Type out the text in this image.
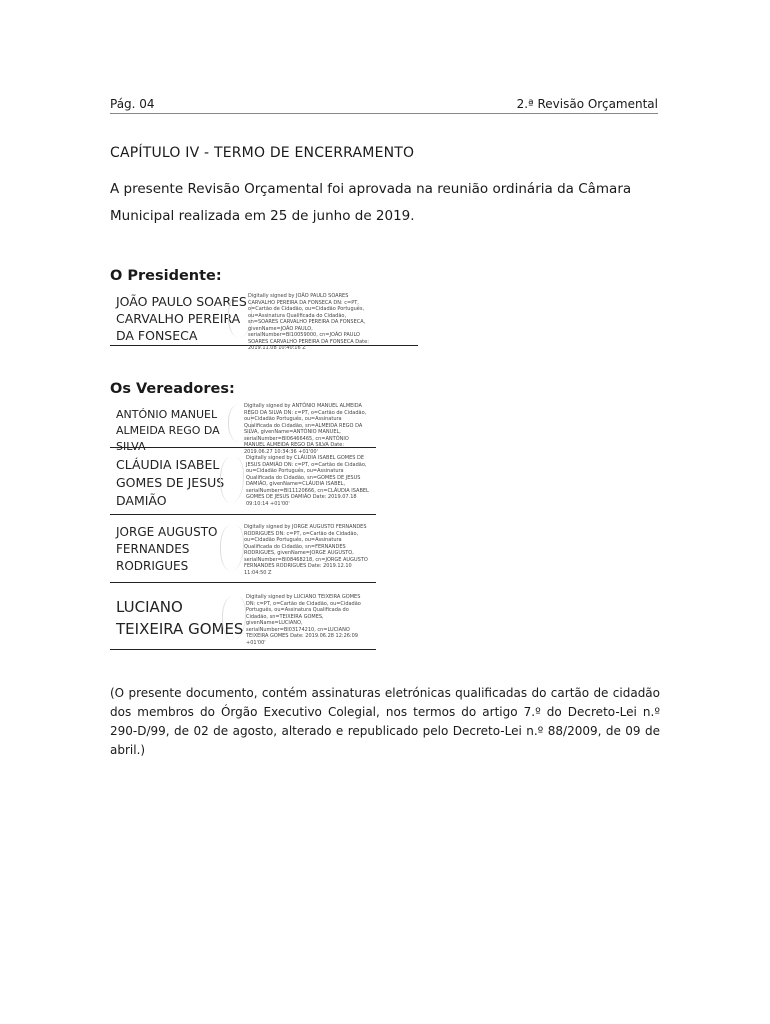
Pág. 04	2.ª Revisão Orçamental
CAPÍTULO IV - TERMO DE ENCERRAMENTO
A presente Revisão Orçamental foi aprovada na reunião ordinária da Câmara Municipal realizada em 25 de junho de 2019.
O Presidente:
JOÃO PAULO SOARES CARVALHO PEREIRA DA FONSECA
Digitally signed by JOÃO PAULO SOARES CARVALHO PEREIRA DA FONSECA DN: c=PT, o=Cartão de Cidadão, ou=Cidadão Português, ou=Assinatura Qualificada do Cidadão, sn=SOARES CARVALHO PEREIRA DA FONSECA, givenName=JOÃO PAULO, serialNumber=BI10059000, cn=JOÃO PAULO SOARES CARVALHO PEREIRA DA FONSECA Date: 2019.11.08 10:40:16 Z
Os Vereadores:
ANTÓNIO MANUEL ALMEIDA REGO DA SILVA
Digitally signed by ANTÓNIO MANUEL ALMEIDA REGO DA SILVA DN: c=PT, o=Cartão de Cidadão, ou=Cidadão Português, ou=Assinatura Qualificada do Cidadão, sn=ALMEIDA REGO DA SILVA, givenName=ANTÓNIO MANUEL, serialNumber=BI06466465, cn=ANTÓNIO MANUEL ALMEIDA REGO DA SILVA Date: 2019.06.27 10:34:36 +01'00'
CLÁUDIA ISABEL GOMES DE JESUS DAMIÃO
Digitally signed by CLÁUDIA ISABEL GOMES DE JESUS DAMIÃO DN: c=PT, o=Cartão de Cidadão, ou=Cidadão Português, ou=Assinatura Qualificada do Cidadão, sn=GOMES DE JESUS DAMIÃO, givenName=CLÁUDIA ISABEL, serialNumber=BI11120666, cn=CLÁUDIA ISABEL GOMES DE JESUS DAMIÃO Date: 2019.07.18 09:10:14 +01'00'
JORGE AUGUSTO FERNANDES RODRIGUES
Digitally signed by JORGE AUGUSTO FERNANDES RODRIGUES DN: c=PT, o=Cartão de Cidadão, ou=Cidadão Português, ou=Assinatura Qualificada do Cidadão, sn=FERNANDES RODRIGUES, givenName=JORGE AUGUSTO, serialNumber=BI08468218, cn=JORGE AUGUSTO FERNANDES RODRIGUES Date: 2019.12.10 11:04:50 Z
LUCIANO TEIXEIRA GOMES
Digitally signed by LUCIANO TEIXEIRA GOMES DN: c=PT, o=Cartão de Cidadão, ou=Cidadão Português, ou=Assinatura Qualificada do Cidadão, sn=TEIXEIRA GOMES, givenName=LUCIANO, serialNumber=BI03174210, cn=LUCIANO TEIXEIRA GOMES Date: 2019.06.28 12:26:09 +01'00'
(O presente documento, contém assinaturas eletrónicas qualificadas do cartão de cidadão dos membros do Órgão Executivo Colegial, nos termos do artigo 7.º do Decreto-Lei n.º 290-D/99, de 02 de agosto, alterado e republicado pelo Decreto-Lei n.º 88/2009, de 09 de abril.)
